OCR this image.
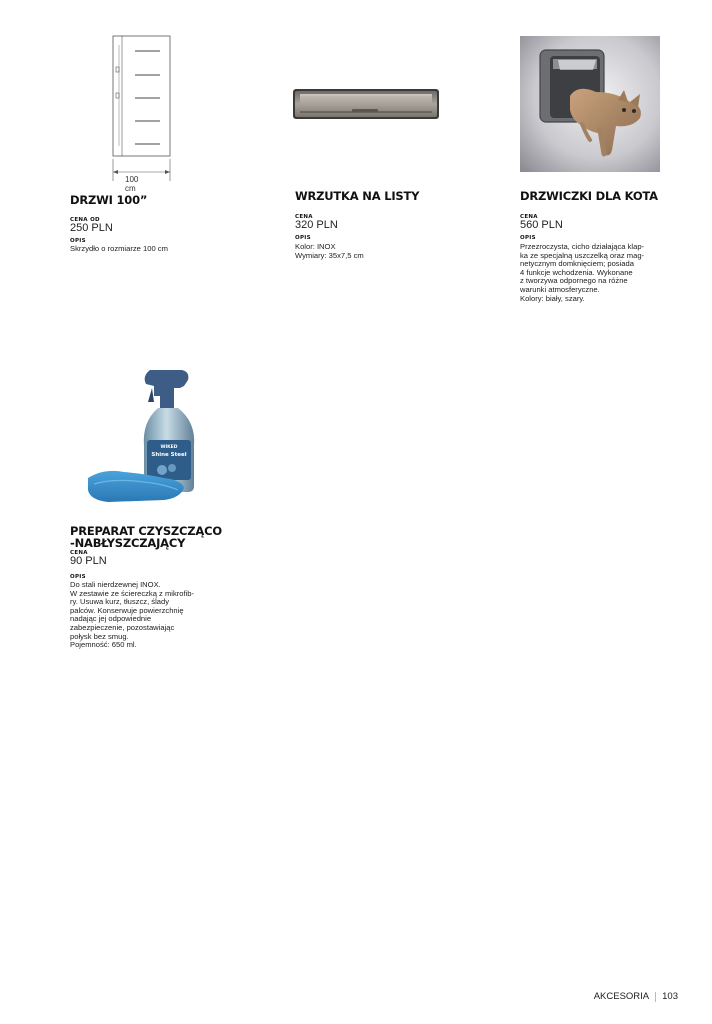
100 cm
DRZWI 100”
CENA OD
250 PLN
OPIS
Skrzydło o rozmiarze 100 cm
WRZUTKA NA LISTY
CENA
320 PLN
OPIS
Kolor: INOX
Wymiary: 35x7,5 cm
DRZWICZKI DLA KOTA
CENA
560 PLN
OPIS
Przezroczysta, cicho działająca klap-
ka ze specjalną uszczelką oraz mag-
netycznym domknięciem; posiada
4 funkcje wchodzenia. Wykonane
z tworzywa odpornego na różne
warunki atmosferyczne.
Kolory: biały, szary.
WIKED
Shine Steel
PREPARAT CZYSZCZĄCO
-NABŁYSZCZAJĄCY
CENA
90 PLN
OPIS
Do stali nierdzewnej INOX.
W zestawie ze ściereczką z mikrofib-
ry. Usuwa kurz, tłuszcz, ślady
palców. Konserwuje powierzchnię
nadając jej odpowiednie
zabezpieczenie, pozostawiając
połysk bez smug.
Pojemność: 650 ml.
AKCESORIA 103
